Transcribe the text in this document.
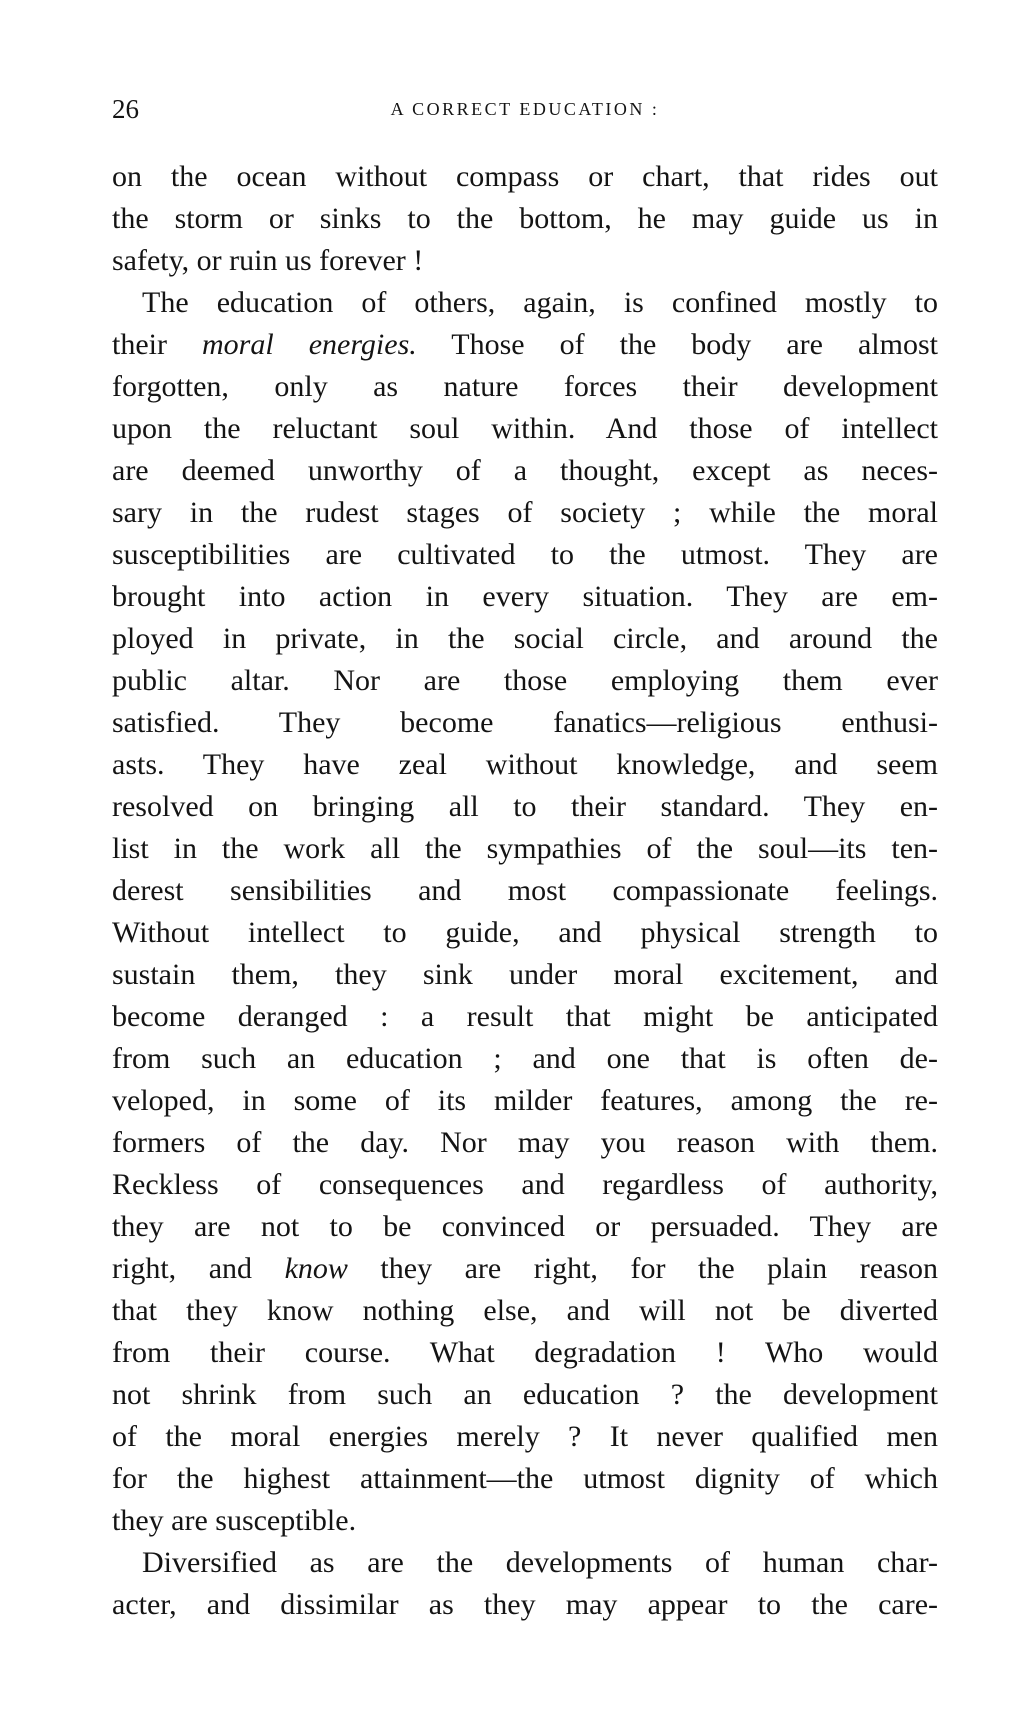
26	A CORRECT EDUCATION :
on the ocean without compass or chart, that rides out
the storm or sinks to the bottom, he may guide us in
safety, or ruin us forever !
The education of others, again, is confined mostly to
their moral energies. Those of the body are almost
forgotten, only as nature forces their development
upon the reluctant soul within. And those of intellect
are deemed unworthy of a thought, except as neces-
sary in the rudest stages of society ; while the moral
susceptibilities are cultivated to the utmost. They are
brought into action in every situation. They are em-
ployed in private, in the social circle, and around the
public altar. Nor are those employing them ever
satisfied. They become fanatics—religious enthusi-
asts. They have zeal without knowledge, and seem
resolved on bringing all to their standard. They en-
list in the work all the sympathies of the soul—its ten-
derest sensibilities and most compassionate feelings.
Without intellect to guide, and physical strength to
sustain them, they sink under moral excitement, and
become deranged : a result that might be anticipated
from such an education ; and one that is often de-
veloped, in some of its milder features, among the re-
formers of the day. Nor may you reason with them.
Reckless of consequences and regardless of authority,
they are not to be convinced or persuaded. They are
right, and know they are right, for the plain reason
that they know nothing else, and will not be diverted
from their course. What degradation ! Who would
not shrink from such an education ? the development
of the moral energies merely ? It never qualified men
for the highest attainment—the utmost dignity of which
they are susceptible.
Diversified as are the developments of human char-
acter, and dissimilar as they may appear to the care-
